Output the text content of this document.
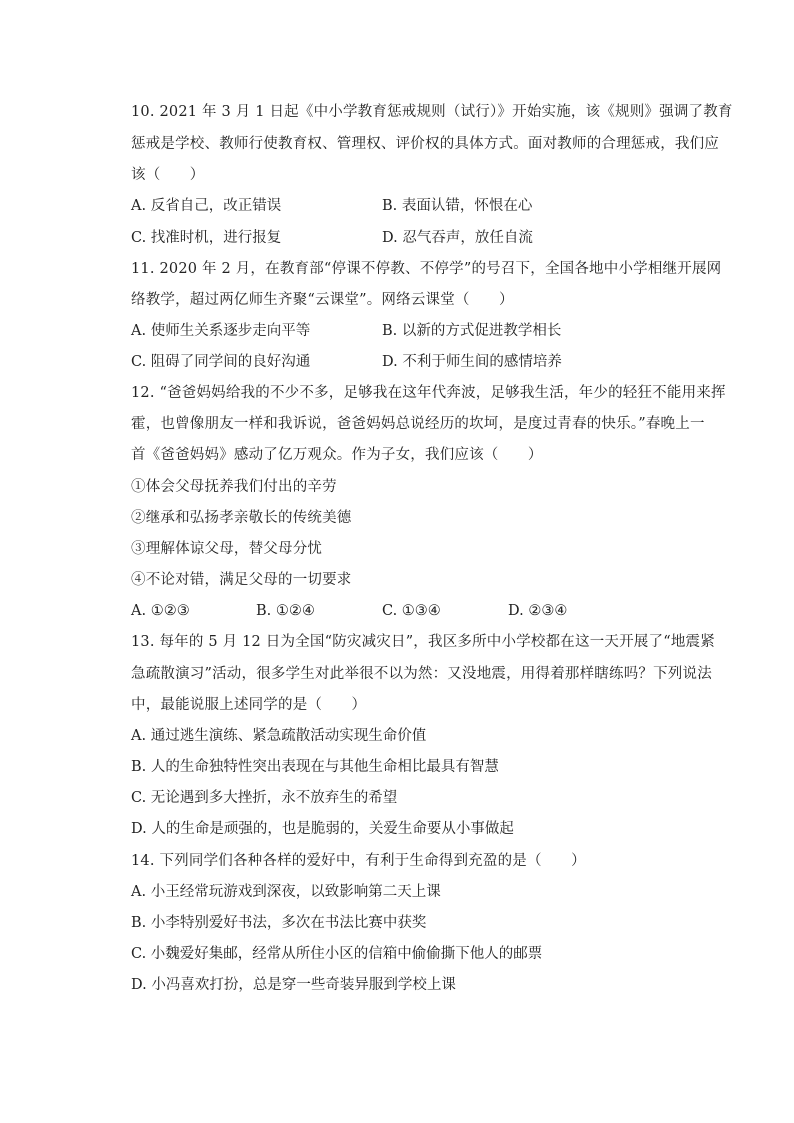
10. 2021 年 3 月 1 日起《中小学教育惩戒规则（试行）》开始实施，该《规则》强调了教育
惩戒是学校、教师行使教育权、管理权、评价权的具体方式。面对教师的合理惩戒，我们应
该（　　）
A. 反省自己，改正错误	B. 表面认错，怀恨在心
C. 找准时机，进行报复	D. 忍气吞声，放任自流
11. 2020 年 2 月，在教育部“停课不停教、不停学”的号召下，全国各地中小学相继开展网
络教学，超过两亿师生齐聚“云课堂”。网络云课堂（　　）
A. 使师生关系逐步走向平等	B. 以新的方式促进教学相长
C. 阻碍了同学间的良好沟通	D. 不利于师生间的感情培养
12. “爸爸妈妈给我的不少不多，足够我在这年代奔波，足够我生活，年少的轻狂不能用来挥
霍，也曾像朋友一样和我诉说，爸爸妈妈总说经历的坎坷，是度过青春的快乐。”春晚上一
首《爸爸妈妈》感动了亿万观众。作为子女，我们应该（　　）
①体会父母抚养我们付出的辛劳
②继承和弘扬孝亲敬长的传统美德
③理解体谅父母，替父母分忧
④不论对错，满足父母的一切要求
A. ①②③	B. ①②④	C. ①③④	D. ②③④
13. 每年的 5 月 12 日为全国“防灾减灾日”，我区多所中小学校都在这一天开展了“地震紧
急疏散演习”活动，很多学生对此举很不以为然：又没地震，用得着那样瞎练吗？下列说法
中，最能说服上述同学的是（　　）
A. 通过逃生演练、紧急疏散活动实现生命价值
B. 人的生命独特性突出表现在与其他生命相比最具有智慧
C. 无论遇到多大挫折，永不放弃生的希望
D. 人的生命是顽强的，也是脆弱的，关爱生命要从小事做起
14. 下列同学们各种各样的爱好中，有利于生命得到充盈的是（　　）
A. 小王经常玩游戏到深夜，以致影响第二天上课
B. 小李特别爱好书法，多次在书法比赛中获奖
C. 小魏爱好集邮，经常从所住小区的信箱中偷偷撕下他人的邮票
D. 小冯喜欢打扮，总是穿一些奇装异服到学校上课
